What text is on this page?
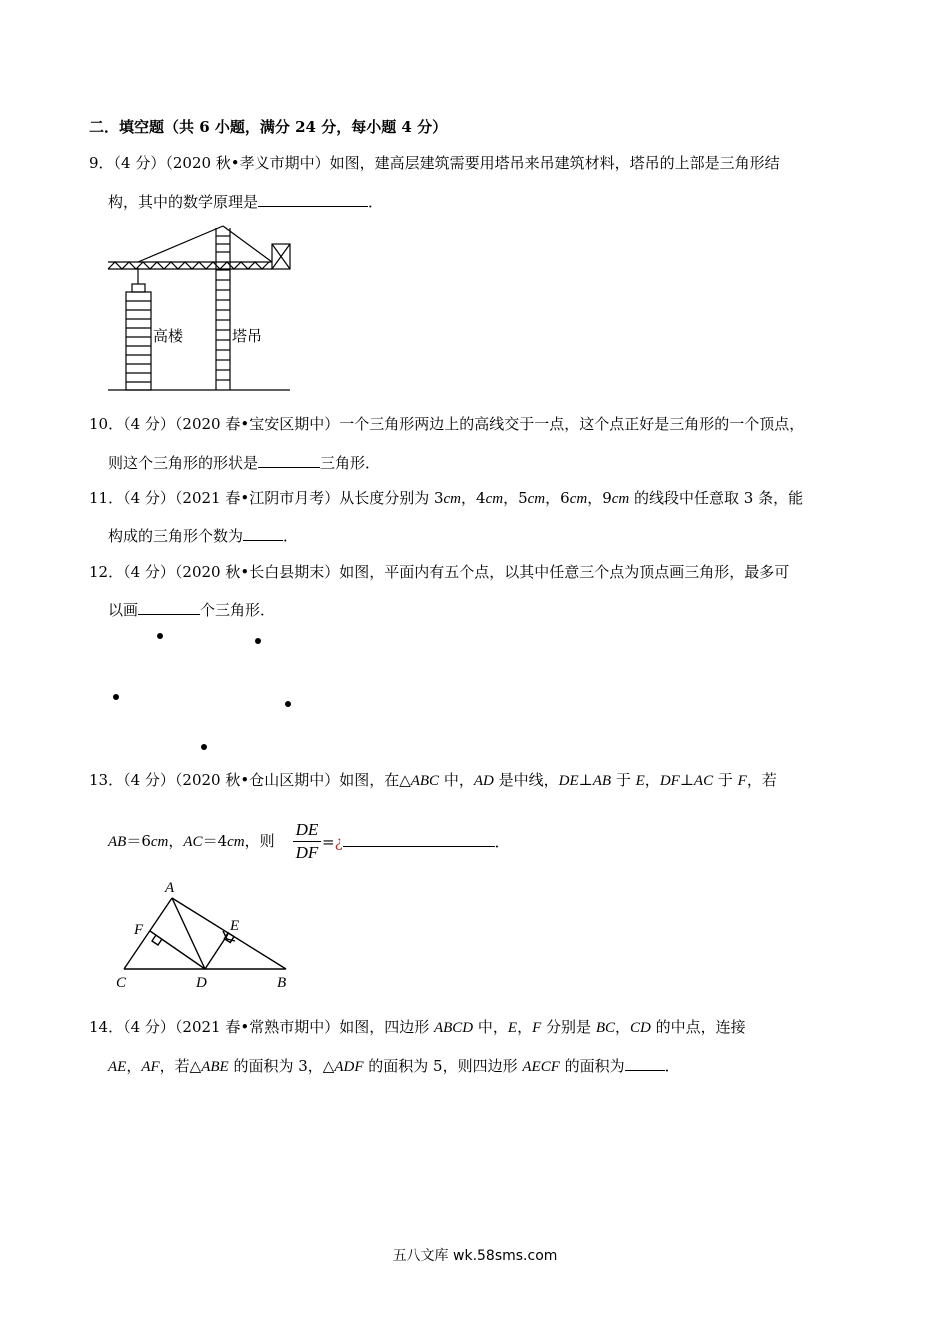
二．填空题（共 6 小题，满分 24 分，每小题 4 分）
9．（4 分）（2020 秋•孝义市期中）如图，建高层建筑需要用塔吊来吊建筑材料，塔吊的上部是三角形结
构，其中的数学原理是	．
高楼	塔吊
10．（4 分）（2020 春•宝安区期中）一个三角形两边上的高线交于一点，这个点正好是三角形的一个顶点，
则这个三角形的形状是	三角形．
11．（4 分）（2021 春•江阴市月考）从长度分别为 3cm，4cm，5cm，6cm，9cm 的线段中任意取 3 条，能
构成的三角形个数为	．
12．（4 分）（2020 秋•长白县期末）如图，平面内有五个点，以其中任意三个点为顶点画三角形，最多可
以画	个三角形．
13．（4 分）（2020 秋•仓山区期中）如图，在△ABC 中，AD 是中线，DE⊥AB 于 E，DF⊥AC 于 F，若
AB＝6cm，AC＝4cm，则
DE
DF
=¿	．
A
B
C	D
E
F
14．（4 分）（2021 春•常熟市期中）如图，四边形 ABCD 中，E，F 分别是 BC，CD 的中点，连接
AE，AF，若△ABE 的面积为 3，△ADF 的面积为 5，则四边形 AECF 的面积为	．
五八文库 wk.58sms.com
